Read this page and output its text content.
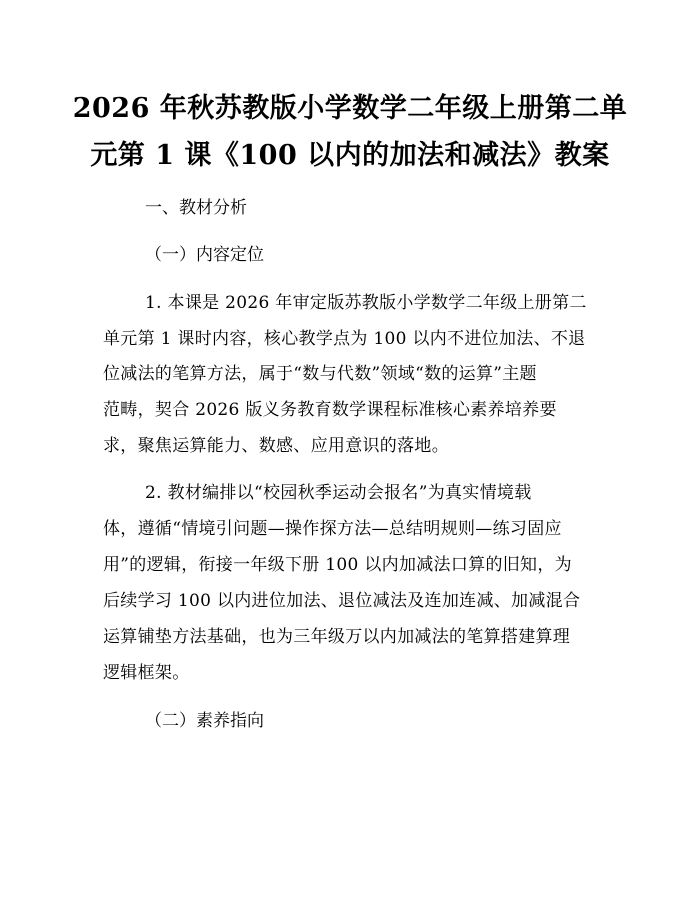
2026 年秋苏教版小学数学二年级上册第二单
元第 1 课《100 以内的加法和减法》教案
一、教材分析
（一）内容定位
1. 本课是 2026 年审定版苏教版小学数学二年级上册第二
单元第 1 课时内容，核心教学点为 100 以内不进位加法、不退
位减法的笔算方法，属于“数与代数”领域“数的运算”主题
范畴，契合 2026 版义务教育数学课程标准核心素养培养要
求，聚焦运算能力、数感、应用意识的落地。
2. 教材编排以“校园秋季运动会报名”为真实情境载
体，遵循“情境引问题—操作探方法—总结明规则—练习固应
用”的逻辑，衔接一年级下册 100 以内加减法口算的旧知，为
后续学习 100 以内进位加法、退位减法及连加连减、加减混合
运算铺垫方法基础，也为三年级万以内加减法的笔算搭建算理
逻辑框架。
（二）素养指向
